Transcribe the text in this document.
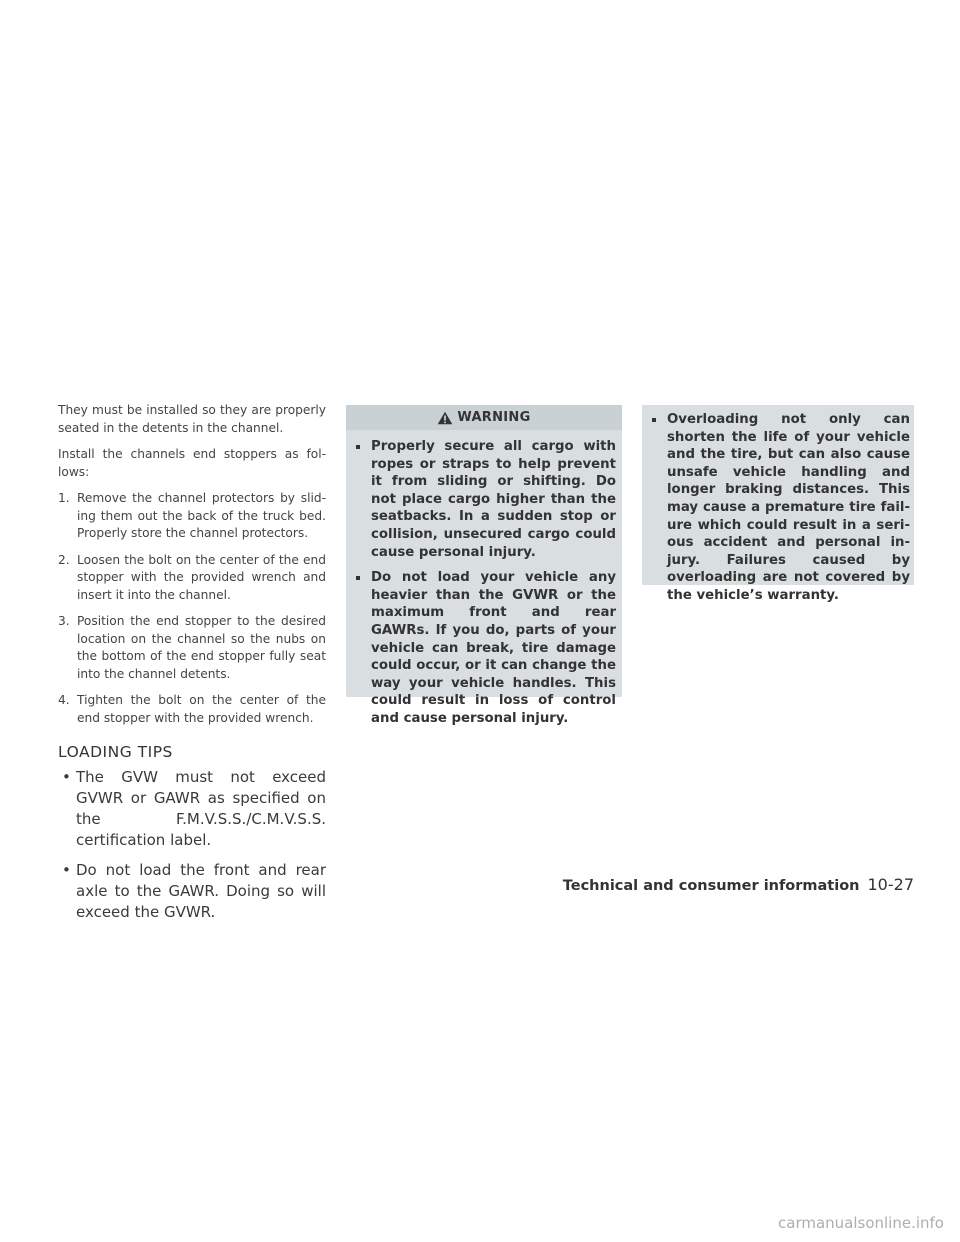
They must be installed so they are properly seated in the detents in the channel.

Install the channels end stoppers as fol-lows:

1. Remove the channel protectors by slid-ing them out the back of the truck bed. Properly store the channel protectors.
2. Loosen the bolt on the center of the end stopper with the provided wrench and insert it into the channel.
3. Position the end stopper to the desired location on the channel so the nubs on the bottom of the end stopper fully seat into the channel detents.
4. Tighten the bolt on the center of the end stopper with the provided wrench.
LOADING TIPS
• The GVW must not exceed GVWR or GAWR as specified on the F.M.V.S.S./C.M.V.S.S. certification label.
• Do not load the front and rear axle to the GAWR. Doing so will exceed the GVWR.
WARNING
Properly secure all cargo with ropes or straps to help prevent it from sliding or shifting. Do not place cargo higher than the seatbacks. In a sudden stop or collision, unsecured cargo could cause personal injury.
Do not load your vehicle any heavier than the GVWR or the maximum front and rear GAWRs. If you do, parts of your vehicle can break, tire damage could occur, or it can change the way your vehicle handles. This could result in loss of control and cause personal injury.
Overloading not only can shorten the life of your vehicle and the tire, but can also cause unsafe vehicle handling and longer braking distances. This may cause a premature tire fail-ure which could result in a seri-ous accident and personal in-jury. Failures caused by overloading are not covered by the vehicle’s warranty.
Technical and consumer information 10-27
carmanualsonline.info
